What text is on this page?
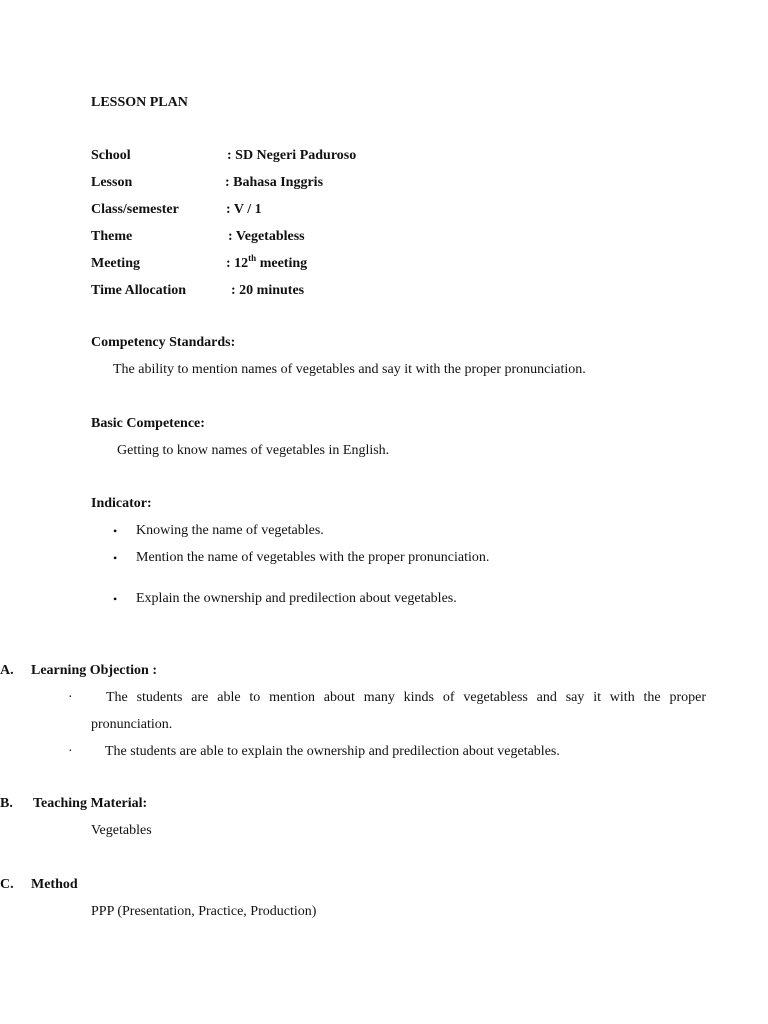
LESSON PLAN
School	: SD Negeri Paduroso
Lesson	: Bahasa Inggris
Class/semester	: V / 1
Theme	: Vegetabless
Meeting	: 12th meeting
Time Allocation	: 20 minutes
Competency Standards:
The ability to mention names of vegetables and say it with the proper pronunciation.
Basic Competence:
Getting to know names of vegetables in English.
Indicator:
• Knowing the name of vegetables.
• Mention the name of vegetables with the proper pronunciation.
• Explain the ownership and predilection about vegetables.
A. Learning Objection :
· The students are able to mention about many kinds of vegetabless and say it with the proper
pronunciation.
· The students are able to explain the ownership and predilection about vegetables.
B. Teaching Material:
Vegetables
C. Method
PPP (Presentation, Practice, Production)
